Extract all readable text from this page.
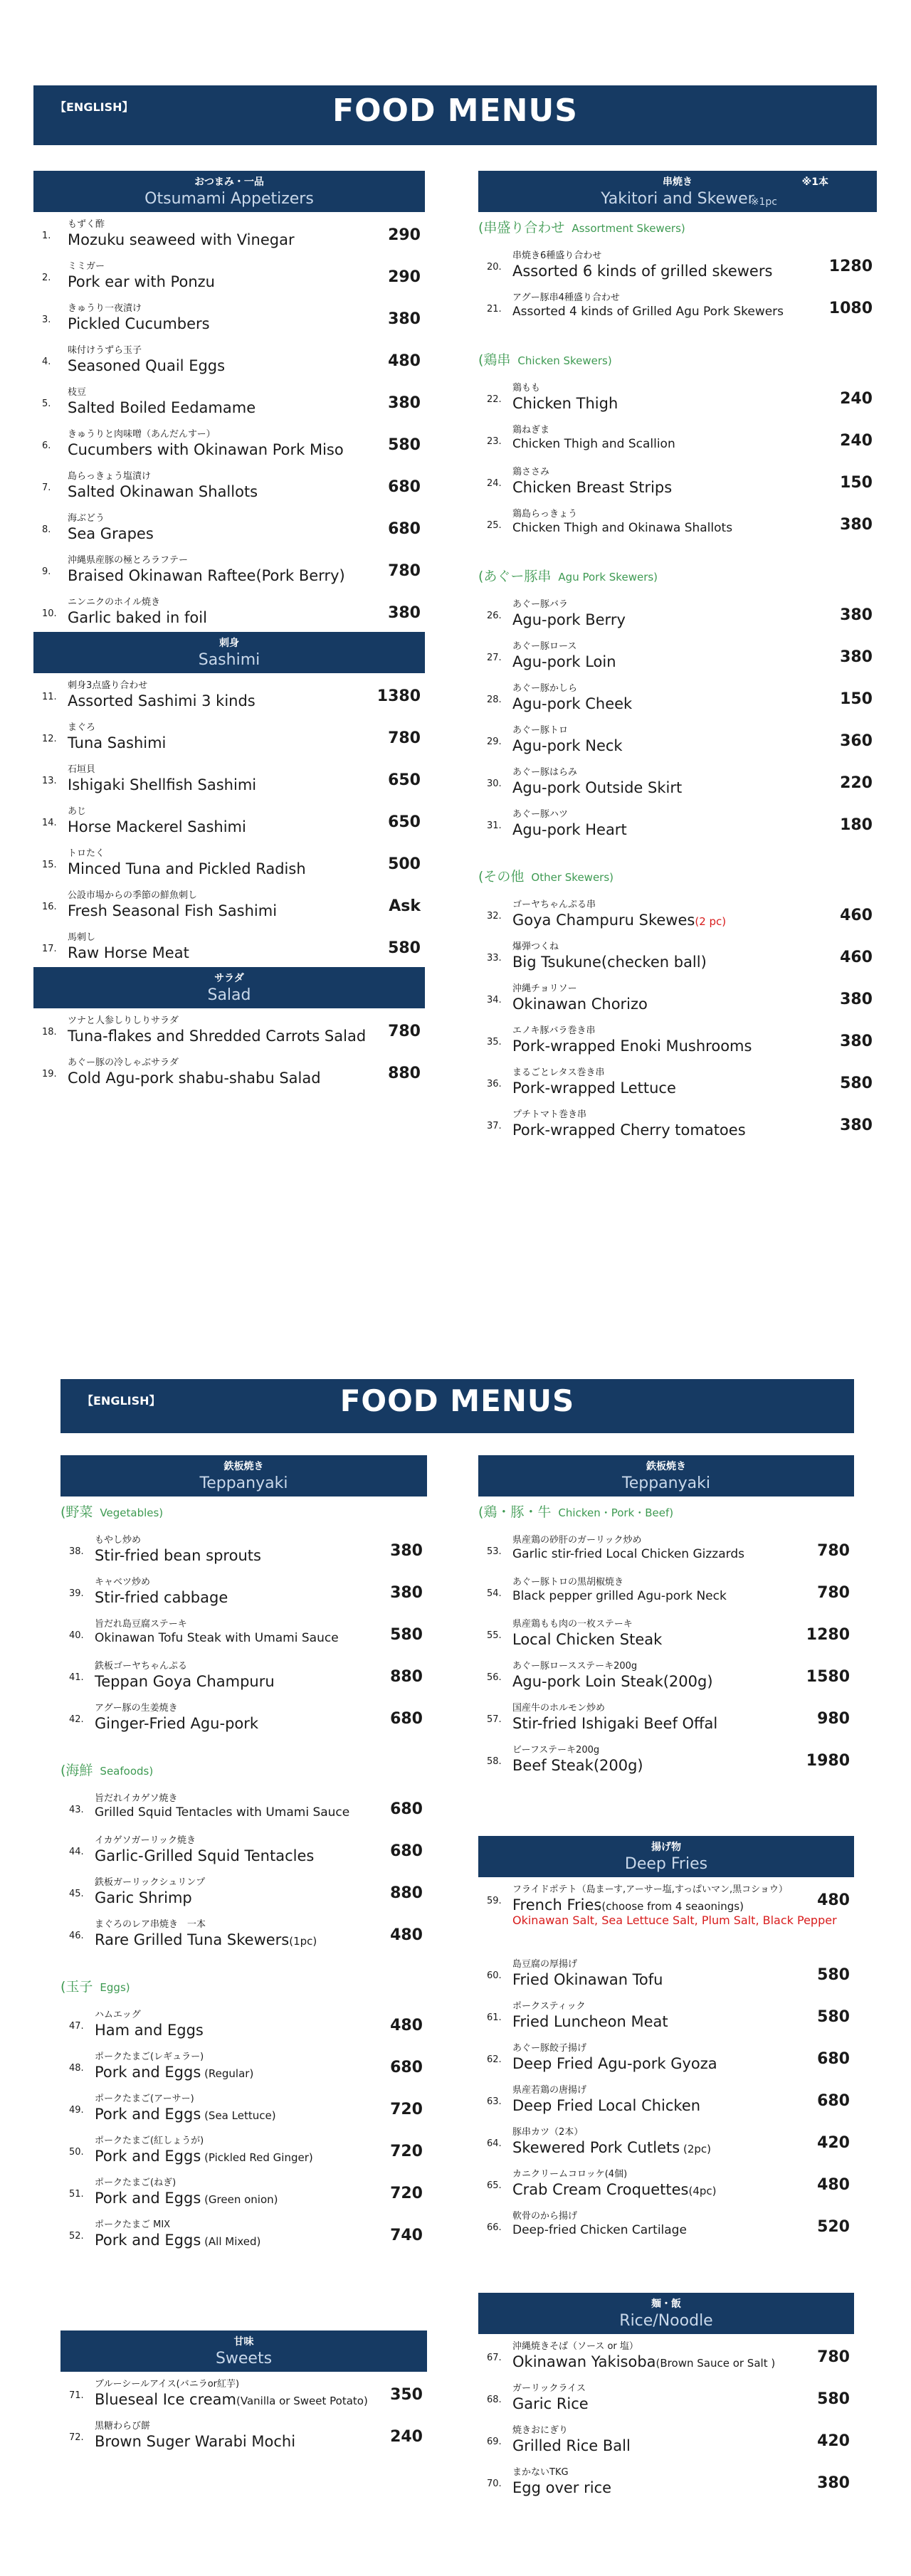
【ENGLISH】	FOOD MENUS
おつまみ・一品
Otsumami Appetizers
1.
もずく酢
Mozuku seaweed with Vinegar	290
2.
ミミガー
Pork ear with Ponzu	290
3.
きゅうり一夜漬け
Pickled Cucumbers	380
4.
味付けうずら玉子
Seasoned Quail Eggs	480
5.
枝豆
Salted Boiled Eedamame	380
6.
きゅうりと肉味噌（あんだんすー）
Cucumbers with Okinawan Pork Miso	580
7.
島らっきょう塩漬け
Salted Okinawan Shallots	680
8.
海ぶどう
Sea Grapes	680
9.
沖縄県産豚の極とろラフテー
Braised Okinawan Raftee(Pork Berry)	780
10.
ニンニクのホイル焼き
Garlic baked in foil	380
刺身
Sashimi
11.
刺身3点盛り合わせ
Assorted Sashimi 3 kinds	1380
12.
まぐろ
Tuna Sashimi	780
13.
石垣貝
Ishigaki Shellfish Sashimi	650
14.
あじ
Horse Mackerel Sashimi	650
15.
トロたく
Minced Tuna and Pickled Radish	500
16.
公設市場からの季節の鮮魚刺し
Fresh Seasonal Fish Sashimi	Ask
17.
馬刺し
Raw Horse Meat	580
サラダ
Salad
18.
ツナと人参しりしりサラダ
Tuna-flakes and Shredded Carrots Salad 780
19.
あぐー豚の冷しゃぶサラダ
Cold Agu-pork shabu-shabu Salad	880
串焼き
Yakitori and Skewer
※1本
※1pc
(串盛り合わせ Assortment Skewers)
20.
串焼き6種盛り合わせ
Assorted 6 kinds of grilled skewers	1280
21.
アグー豚串4種盛り合わせ
Assorted 4 kinds of Grilled Agu Pork Skewers	1080
(鶏串 Chicken Skewers)
22.
鶏もも
Chicken Thigh	240
23.
鶏ねぎま
Chicken Thigh and Scallion	240
24.
鶏ささみ
Chicken Breast Strips	150
25.
鶏島らっきょう
Chicken Thigh and Okinawa Shallots	380
(あぐー豚串 Agu Pork Skewers)
26.
あぐー豚バラ
Agu-pork Berry	380
27.
あぐー豚ロース
Agu-pork Loin	380
28.
あぐー豚かしら
Agu-pork Cheek	150
29.
あぐー豚トロ
Agu-pork Neck	360
30.
あぐー豚はらみ
Agu-pork Outside Skirt	220
31.
あぐー豚ハツ
Agu-pork Heart	180
(その他 Other Skewers)
32.
ゴーヤちゃんぷる串
Goya Champuru Skewes(2 pc)	460
33.
爆弾つくね
Big Tsukune(checken ball)	460
34.
沖縄チョリソー
Okinawan Chorizo	380
35.
エノキ豚バラ巻き串
Pork-wrapped Enoki Mushrooms	380
36.
まるごとレタス巻き串
Pork-wrapped Lettuce	580
37.
プチトマト巻き串
Pork-wrapped Cherry tomatoes	380
【ENGLISH】	FOOD MENUS
鉄板焼き
Teppanyaki
(野菜 Vegetables)
38.
もやし炒め
Stir-fried bean sprouts	380
39.
キャベツ炒め
Stir-fried cabbage	380
40.
旨だれ島豆腐ステーキ
Okinawan Tofu Steak with Umami Sauce	580
41.
鉄板ゴーヤちゃんぷる
Teppan Goya Champuru	880
42.
アグー豚の生姜焼き
Ginger-Fried Agu-pork	680
(海鮮 Seafoods)
43.
旨だれイカゲソ焼き
Grilled Squid Tentacles with Umami Sauce	680
44.
イカゲソガーリック焼き
Garlic-Grilled Squid Tentacles	680
45.
鉄板ガーリックシュリンプ
Garic Shrimp	880
46.
まぐろのレア串焼き　一本
Rare Grilled Tuna Skewers(1pc)	480
(玉子 Eggs)
47.
ハムエッグ
Ham and Eggs	480
48.
ポークたまご(レギュラー)
Pork and Eggs (Regular)	680
49.
ポークたまご(アーサー)
Pork and Eggs (Sea Lettuce)	720
50.
ポークたまご(紅しょうが)
Pork and Eggs (Pickled Red Ginger)	720
51.
ポークたまご(ねぎ)
Pork and Eggs (Green onion)	720
52.
ポークたまご MIX
Pork and Eggs (All Mixed)	740
甘味
Sweets
71.
ブルーシールアイス(バニラor紅芋)
Blueseal Ice cream(Vanilla or Sweet Potato) 350
72.
黒糖わらび餅
Brown Suger Warabi Mochi	240
鉄板焼き
Teppanyaki
(鶏・豚・牛 Chicken・Pork・Beef)
53.
県産鶏の砂肝のガーリック炒め
Garlic stir-fried Local Chicken Gizzards	780
54.
あぐー豚トロの黒胡椒焼き
Black pepper grilled Agu-pork Neck	780
55.
県産鶏もも肉の一枚ステーキ
Local Chicken Steak	1280
56.
あぐー豚ロースステーキ200g
Agu-pork Loin Steak(200g)	1580
57.
国産牛のホルモン炒め
Stir-fried Ishigaki Beef Offal	980
58.
ビーフステーキ200g
Beef Steak(200g)	1980
揚げ物
Deep Fries
59.
フライドポテト（島まーす,アーサー塩,すっぱいマン,黒コショウ）
French Fries(choose from 4 seaonings)	480
Okinawan Salt, Sea Lettuce Salt, Plum Salt, Black Pepper
60.
島豆腐の厚揚げ
Fried Okinawan Tofu	580
61.
ポークスティック
Fried Luncheon Meat	580
62.
あぐー豚餃子揚げ
Deep Fried Agu-pork Gyoza	680
63.
県産若鶏の唐揚げ
Deep Fried Local Chicken	680
64.
豚串カツ（2本）
Skewered Pork Cutlets (2pc)	420
65.
カニクリームコロッケ(4個)
Crab Cream Croquettes(4pc)	480
66.
軟骨のから揚げ
Deep-fried Chicken Cartilage	520
麺・飯
Rice/Noodle
67.
沖縄焼きそば（ソース or 塩）
Okinawan Yakisoba(Brown Sauce or Salt )	780
68.
ガーリックライス
Garic Rice	580
69.
焼きおにぎり
Grilled Rice Ball	420
70.
まかないTKG
Egg over rice	380
